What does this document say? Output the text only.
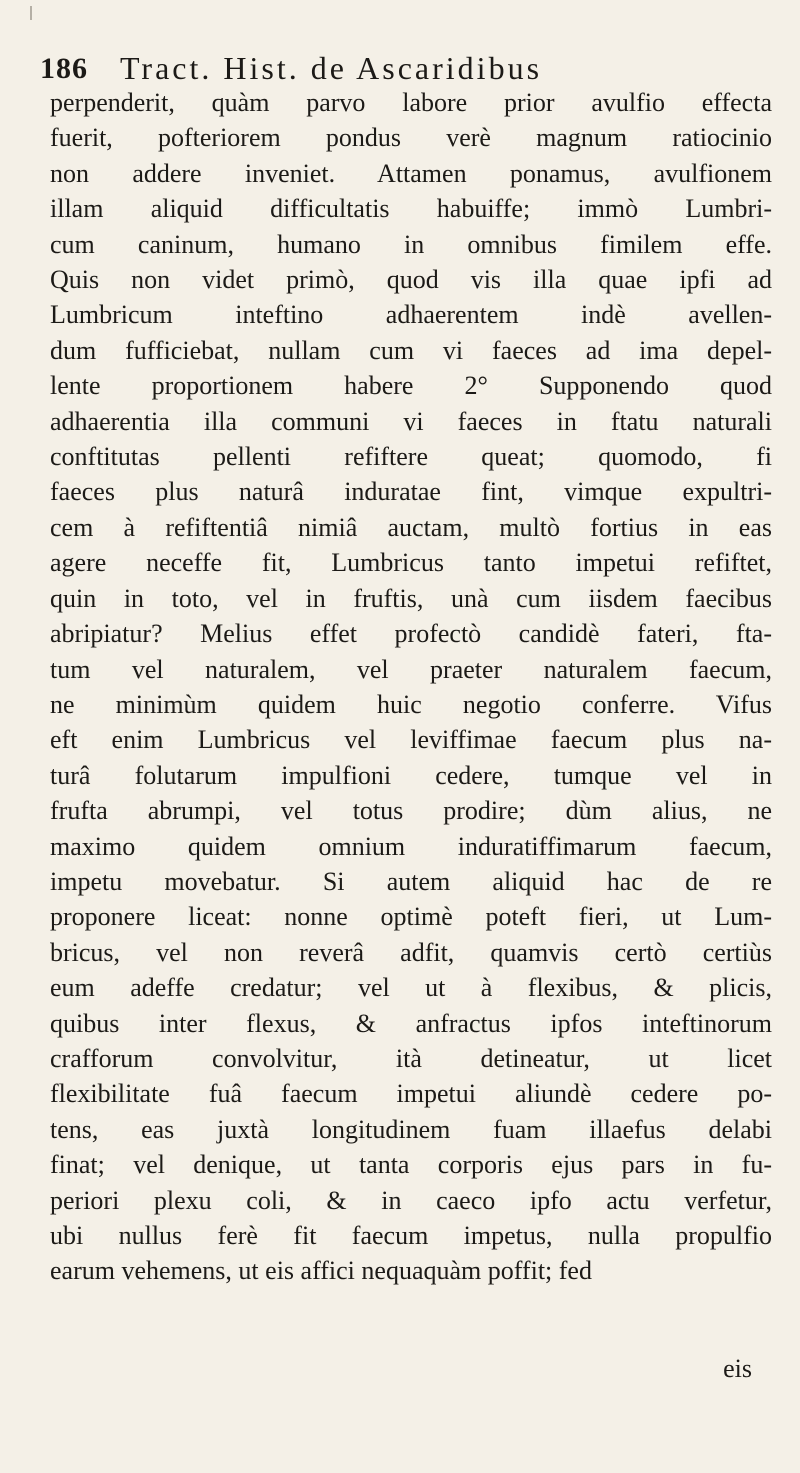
186 Tract. Hist. de Ascaridibus
perpenderit, quàm parvo labore prior avulfio effecta
fuerit, pofteriorem pondus verè magnum ratiocinio
non addere inveniet. Attamen ponamus, avulfionem
illam aliquid difficultatis habuiffe; immò Lumbri-
cum caninum, humano in omnibus fimilem effe.
Quis non videt primò, quod vis illa quae ipfi ad
Lumbricum inteftino adhaerentem indè avellen-
dum fufficiebat, nullam cum vi faeces ad ima depel-
lente proportionem habere 2° Supponendo quod
adhaerentia illa communi vi faeces in ftatu naturali
conftitutas pellenti refiftere queat; quomodo, fi
faeces plus naturâ induratae fint, vimque expultri-
cem à refiftentiâ nimiâ auctam, multò fortius in eas
agere neceffe fit, Lumbricus tanto impetui refiftet,
quin in toto, vel in fruftis, unà cum iisdem faecibus
abripiatur? Melius effet profectò candidè fateri, fta-
tum vel naturalem, vel praeter naturalem faecum,
ne minimùm quidem huic negotio conferre. Vifus
eft enim Lumbricus vel leviffimae faecum plus na-
turâ folutarum impulfioni cedere, tumque vel in
frufta abrumpi, vel totus prodire; dùm alius, ne
maximo quidem omnium induratiffimarum faecum,
impetu movebatur. Si autem aliquid hac de re
proponere liceat: nonne optimè poteft fieri, ut Lum-
bricus, vel non reverâ adfit, quamvis certò certiùs
eum adeffe credatur; vel ut à flexibus, & plicis,
quibus inter flexus, & anfractus ipfos inteftinorum
crafforum convolvitur, ità detineatur, ut licet
flexibilitate fuâ faecum impetui aliundè cedere po-
tens, eas juxtà longitudinem fuam illaefus delabi
finat; vel denique, ut tanta corporis ejus pars in fu-
periori plexu coli, & in caeco ipfo actu verfetur,
ubi nullus ferè fit faecum impetus, nulla propulfio
earum vehemens, ut eis affici nequaquàm poffit; fed
eis
